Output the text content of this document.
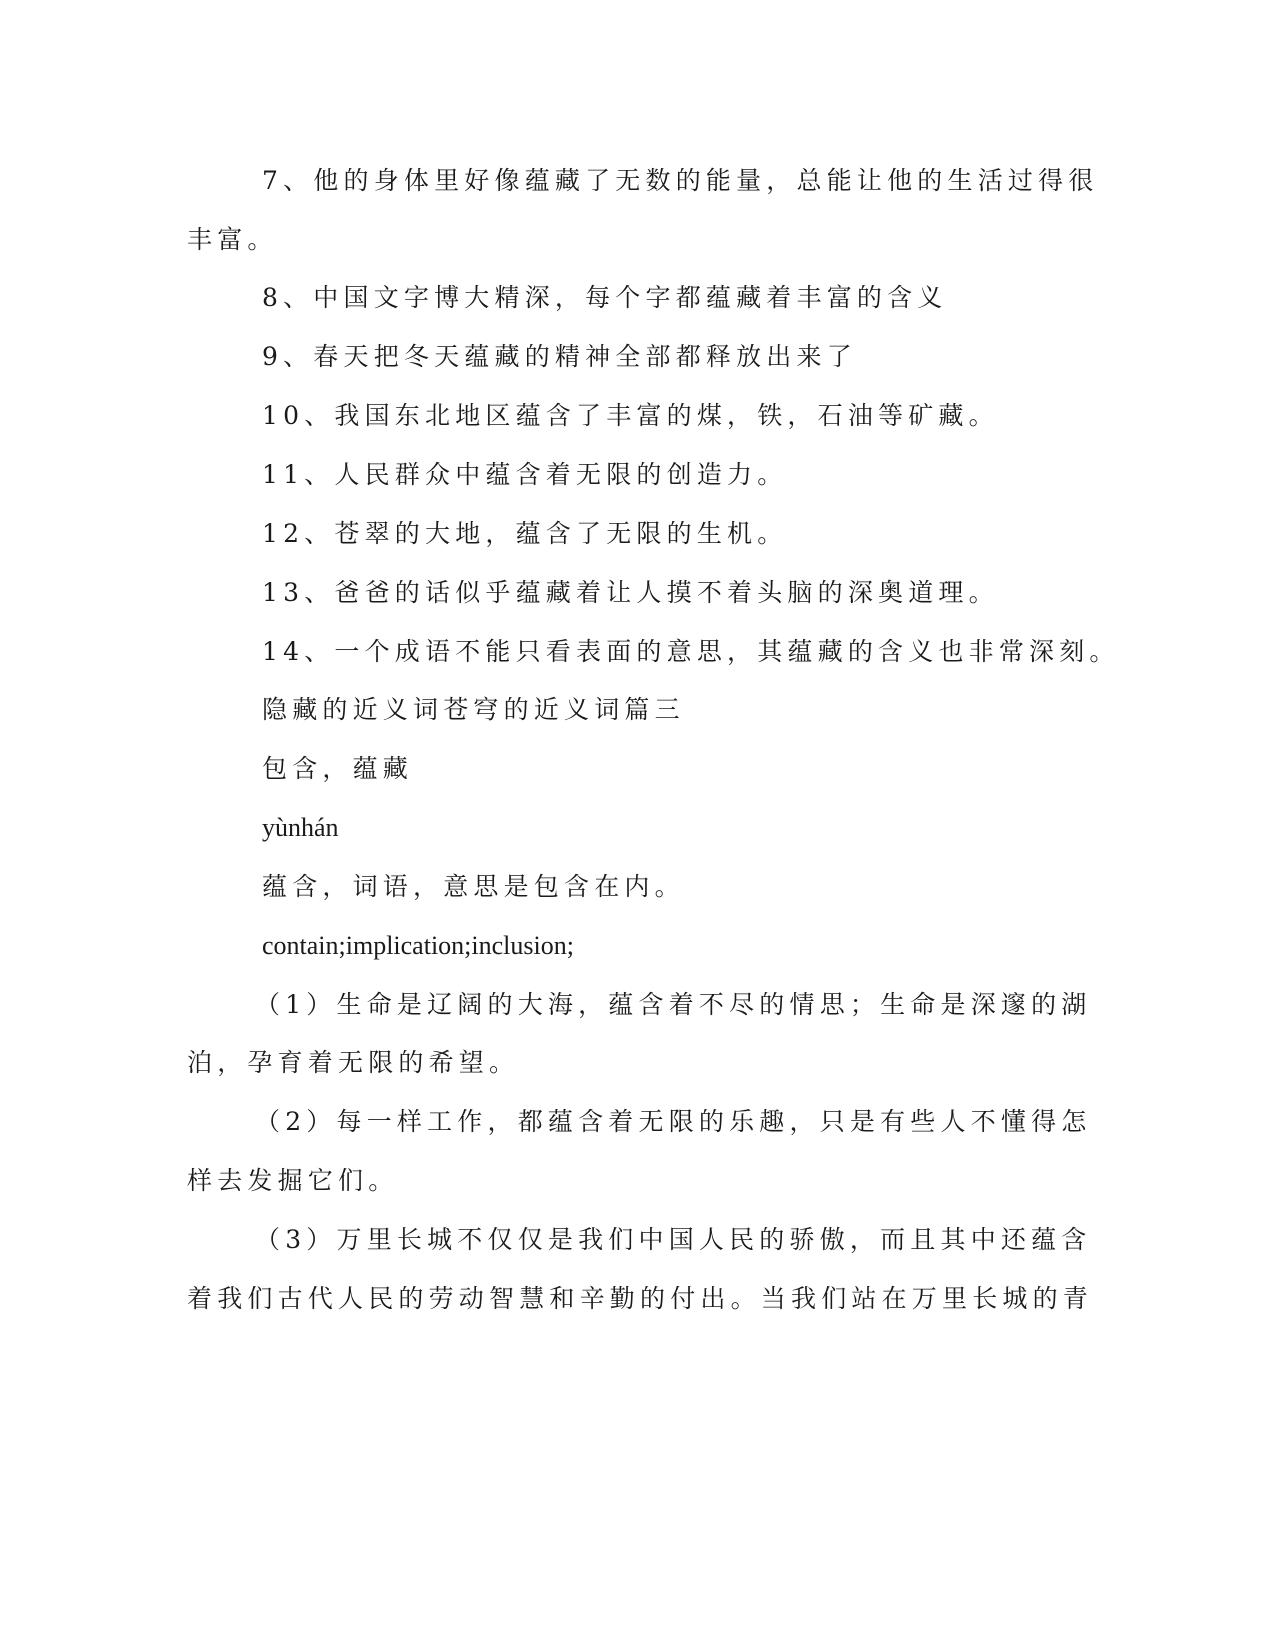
7、他的身体里好像蕴藏了无数的能量，总能让他的生活过得很
丰富。
8、中国文字博大精深，每个字都蕴藏着丰富的含义
9、春天把冬天蕴藏的精神全部都释放出来了
10、我国东北地区蕴含了丰富的煤，铁，石油等矿藏。
11、人民群众中蕴含着无限的创造力。
12、苍翠的大地，蕴含了无限的生机。
13、爸爸的话似乎蕴藏着让人摸不着头脑的深奥道理。
14、一个成语不能只看表面的意思，其蕴藏的含义也非常深刻。
隐藏的近义词苍穹的近义词篇三
包含，蕴藏
yùnhán
蕴含，词语，意思是包含在内。
contain;implication;inclusion;
（1）生命是辽阔的大海，蕴含着不尽的情思；生命是深邃的湖
泊，孕育着无限的希望。
（2）每一样工作，都蕴含着无限的乐趣，只是有些人不懂得怎
样去发掘它们。
（3）万里长城不仅仅是我们中国人民的骄傲，而且其中还蕴含
着我们古代人民的劳动智慧和辛勤的付出。当我们站在万里长城的青
